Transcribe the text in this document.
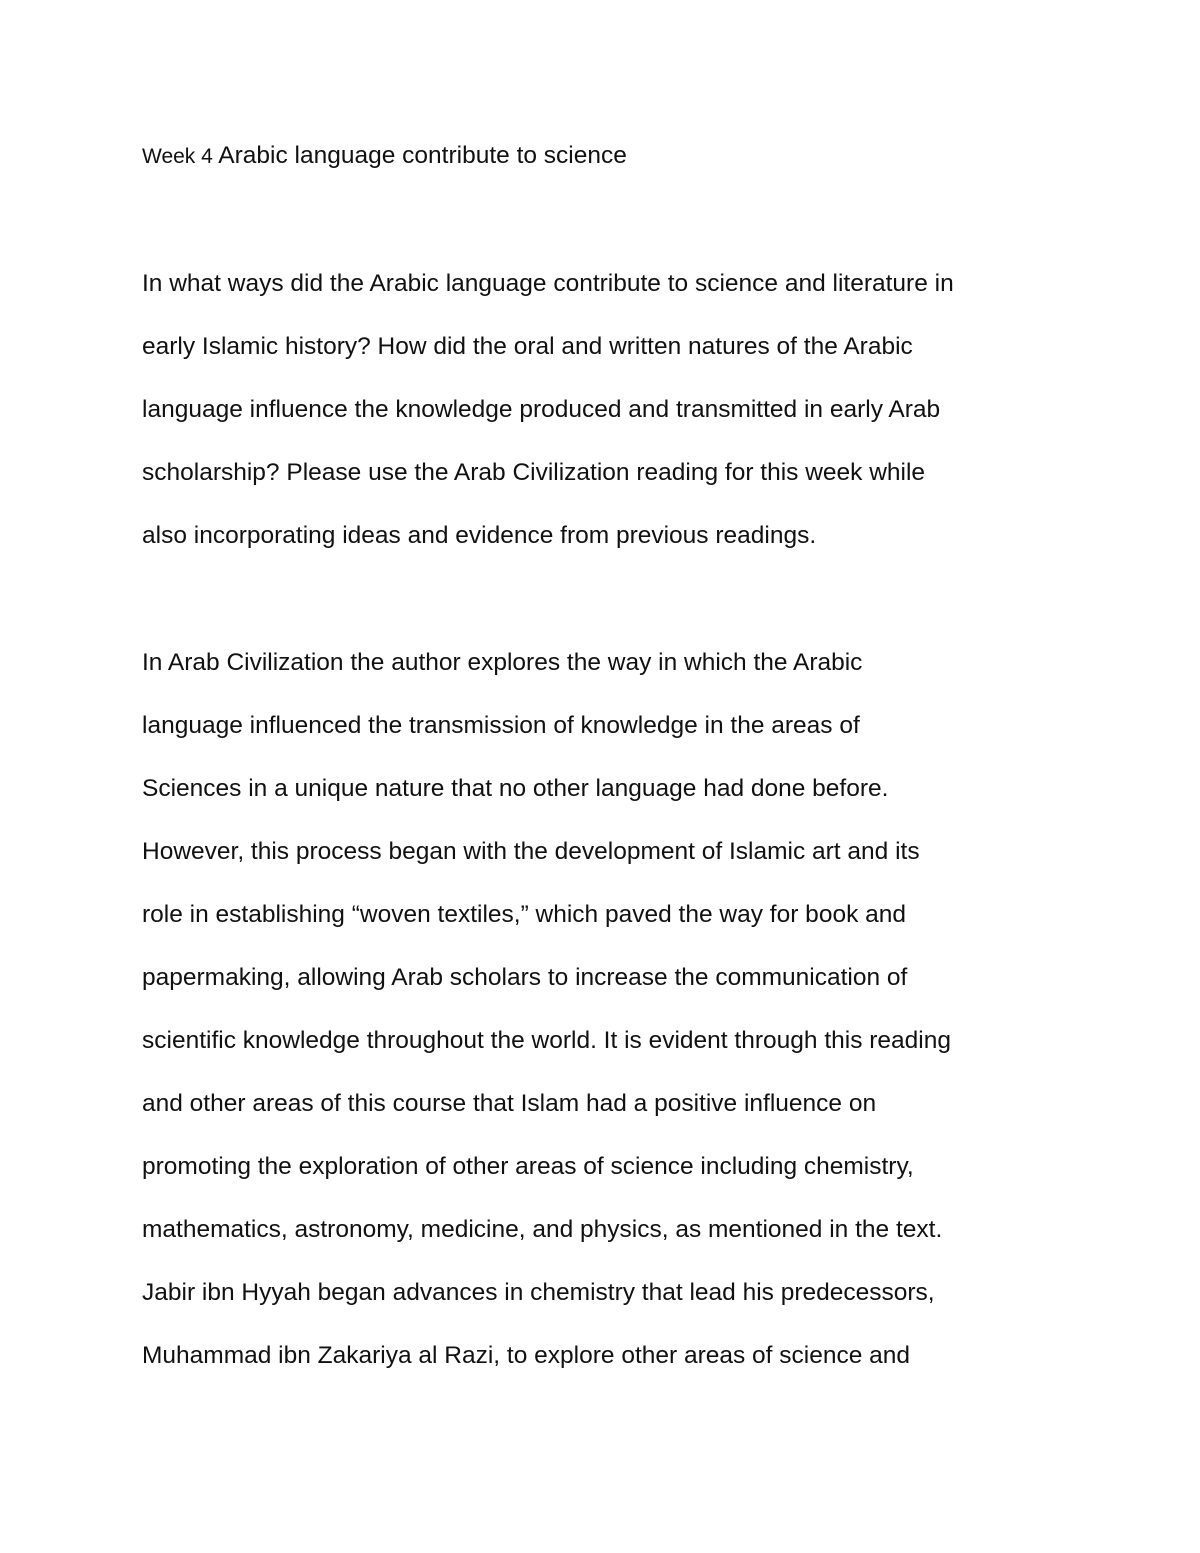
Week 4 Arabic language contribute to science
In what ways did the Arabic language contribute to science and literature in
early Islamic history? How did the oral and written natures of the Arabic
language influence the knowledge produced and transmitted in early Arab
scholarship? Please use the Arab Civilization reading for this week while
also incorporating ideas and evidence from previous readings.
In Arab Civilization the author explores the way in which the Arabic
language influenced the transmission of knowledge in the areas of
Sciences in a unique nature that no other language had done before.
However, this process began with the development of Islamic art and its
role in establishing “woven textiles,” which paved the way for book and
papermaking, allowing Arab scholars to increase the communication of
scientific knowledge throughout the world. It is evident through this reading
and other areas of this course that Islam had a positive influence on
promoting the exploration of other areas of science including chemistry,
mathematics, astronomy, medicine, and physics, as mentioned in the text.
Jabir ibn Hyyah began advances in chemistry that lead his predecessors,
Muhammad ibn Zakariya al Razi, to explore other areas of science and
